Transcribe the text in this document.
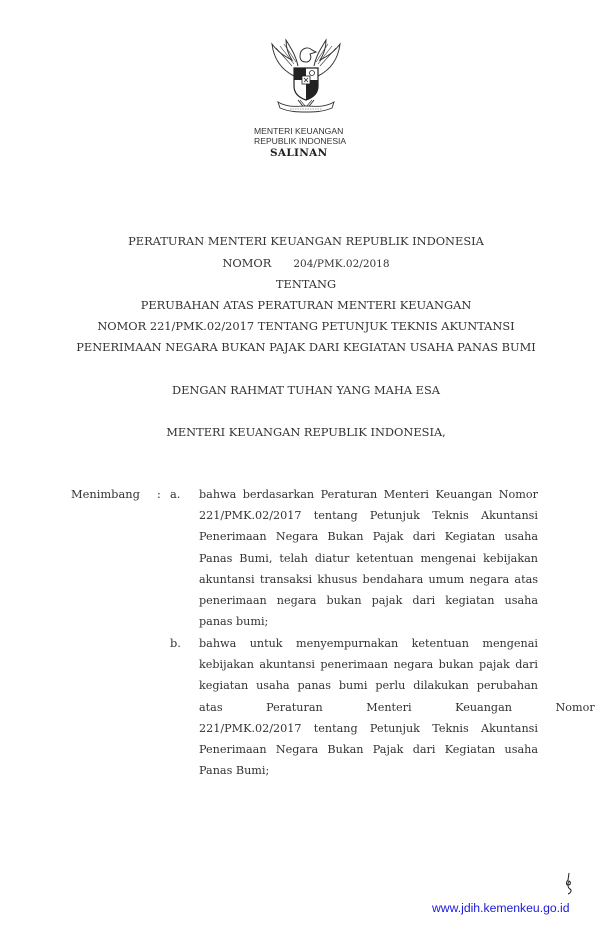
MENTERI KEUANGAN
REPUBLIK INDONESIA
SALINAN
PERATURAN MENTERI KEUANGAN REPUBLIK INDONESIA
NOMOR 204/PMK.02/2018
TENTANG
PERUBAHAN ATAS PERATURAN MENTERI KEUANGAN
NOMOR 221/PMK.02/2017 TENTANG PETUNJUK TEKNIS AKUNTANSI
PENERIMAAN NEGARA BUKAN PAJAK DARI KEGIATAN USAHA PANAS BUMI
DENGAN RAHMAT TUHAN YANG MAHA ESA
MENTERI KEUANGAN REPUBLIK INDONESIA,
Menimbang : a. bahwa berdasarkan Peraturan Menteri Keuangan Nomor
221/PMK.02/2017 tentang Petunjuk Teknis Akuntansi
Penerimaan Negara Bukan Pajak dari Kegiatan usaha
Panas Bumi, telah diatur ketentuan mengenai kebijakan
akuntansi transaksi khusus bendahara umum negara atas
penerimaan negara bukan pajak dari kegiatan usaha
panas bumi;
b. bahwa untuk menyempurnakan ketentuan mengenai
kebijakan akuntansi penerimaan negara bukan pajak dari
kegiatan usaha panas bumi perlu dilakukan perubahan
atas Peraturan Menteri Keuangan Nomor
221/PMK.02/2017 tentang Petunjuk Teknis Akuntansi
Penerimaan Negara Bukan Pajak dari Kegiatan usaha
Panas Bumi;
www.jdih.kemenkeu.go.id
